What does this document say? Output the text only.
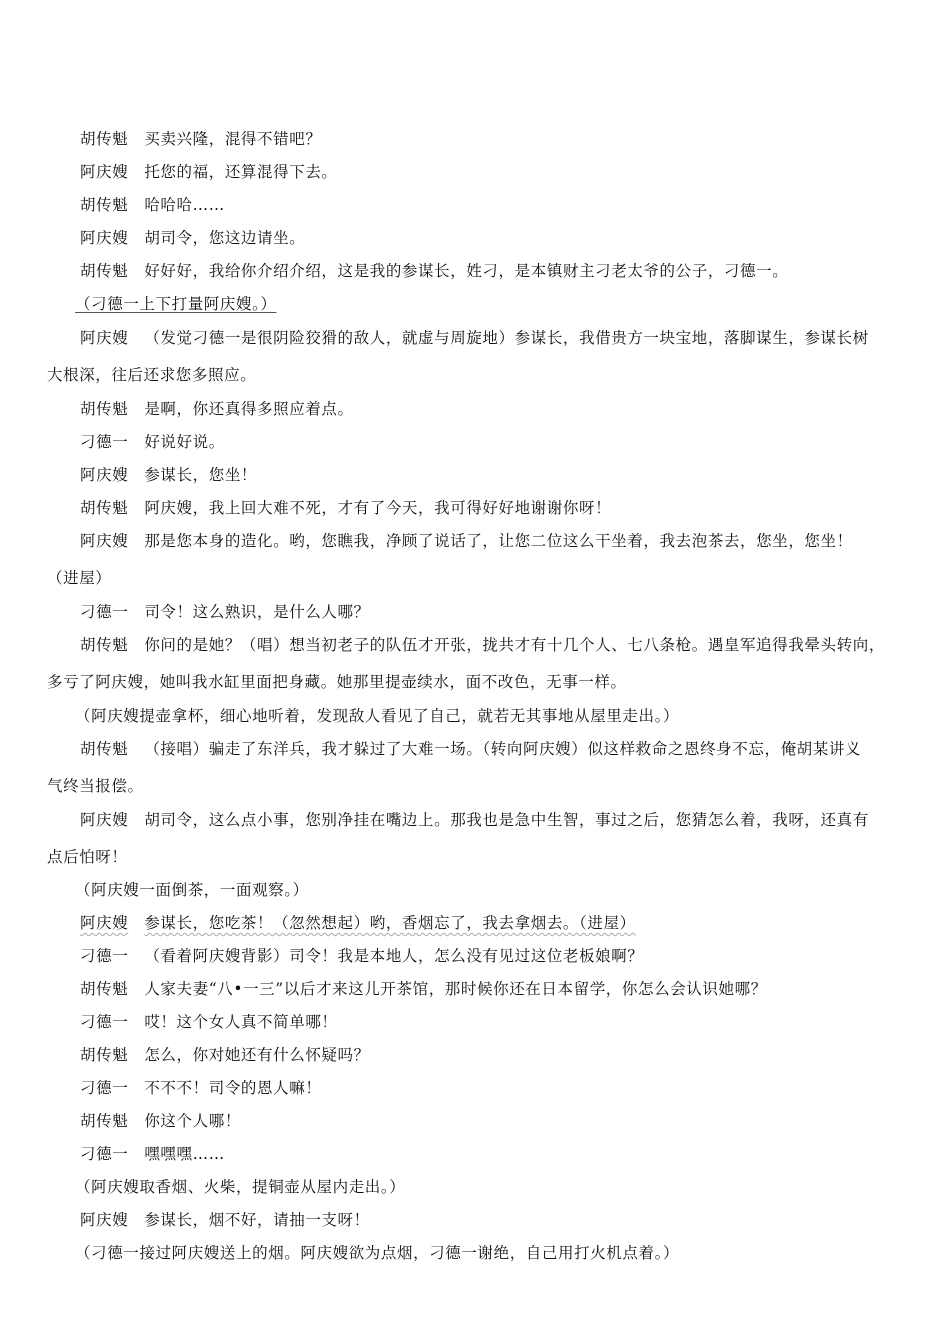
胡传魁 买卖兴隆，混得不错吧？
阿庆嫂 托您的福，还算混得下去。
胡传魁 哈哈哈……
阿庆嫂 胡司令，您这边请坐。
胡传魁 好好好，我给你介绍介绍，这是我的参谋长，姓刁，是本镇财主刁老太爷的公子，刁德一。
（刁德一上下打量阿庆嫂。）
阿庆嫂 （发觉刁德一是很阴险狡猾的敌人，就虚与周旋地）参谋长，我借贵方一块宝地，落脚谋生，参谋长树
大根深，往后还求您多照应。
胡传魁 是啊，你还真得多照应着点。
刁德一 好说好说。
阿庆嫂 参谋长，您坐！
胡传魁 阿庆嫂，我上回大难不死，才有了今天，我可得好好地谢谢你呀！
阿庆嫂 那是您本身的造化。哟，您瞧我，净顾了说话了，让您二位这么干坐着，我去泡茶去，您坐，您坐！
（进屋）
刁德一 司令！这么熟识，是什么人哪？
胡传魁 你问的是她？（唱）想当初老子的队伍才开张，拢共才有十几个人、七八条枪。遇皇军追得我晕头转向，
多亏了阿庆嫂，她叫我水缸里面把身藏。她那里提壶续水，面不改色，无事一样。
（阿庆嫂提壶拿杯，细心地听着，发现敌人看见了自己，就若无其事地从屋里走出。）
胡传魁 （接唱）骗走了东洋兵，我才躲过了大难一场。（转向阿庆嫂）似这样救命之恩终身不忘，俺胡某讲义
气终当报偿。
阿庆嫂 胡司令，这么点小事，您别净挂在嘴边上。那我也是急中生智，事过之后，您猜怎么着，我呀，还真有
点后怕呀！
（阿庆嫂一面倒茶，一面观察。）
阿庆嫂 参谋长，您吃茶！（忽然想起）哟，香烟忘了，我去拿烟去。（进屋）
刁德一 （看着阿庆嫂背影）司令！我是本地人，怎么没有见过这位老板娘啊？
胡传魁 人家夫妻“八•一三”以后才来这儿开茶馆，那时候你还在日本留学，你怎么会认识她哪？
刁德一 哎！这个女人真不简单哪！
胡传魁 怎么，你对她还有什么怀疑吗？
刁德一 不不不！司令的恩人嘛！
胡传魁 你这个人哪！
刁德一 嘿嘿嘿……
（阿庆嫂取香烟、火柴，提铜壶从屋内走出。）
阿庆嫂 参谋长，烟不好，请抽一支呀！
（刁德一接过阿庆嫂送上的烟。阿庆嫂欲为点烟，刁德一谢绝，自己用打火机点着。）
